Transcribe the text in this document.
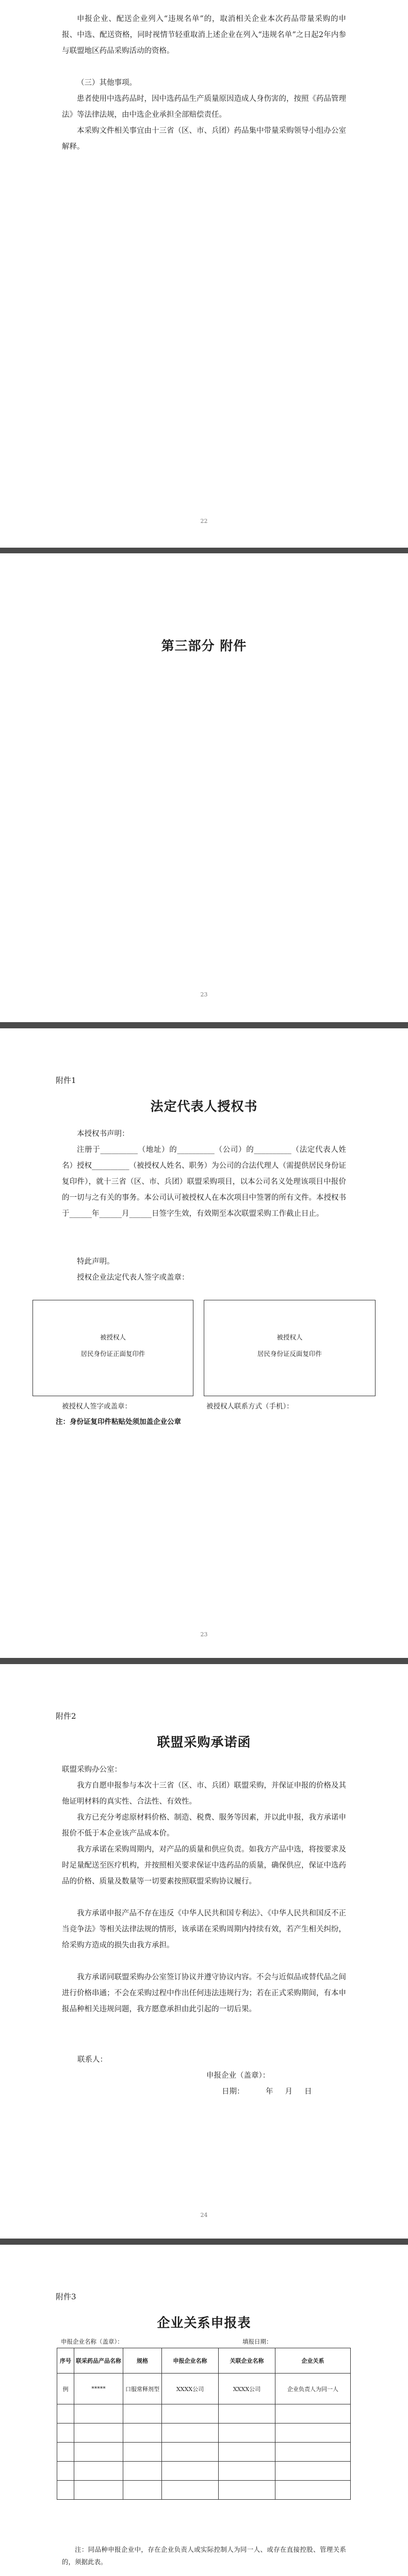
申报企业、配送企业列入“违规名单”的，取消相关企业本次药品带量采购的申报、中选、配送资格，同时视情节轻重取消上述企业在列入“违规名单”之日起2年内参与联盟地区药品采购活动的资格。

（三）其他事项。

患者使用中选药品时，因中选药品生产质量原因造成人身伤害的，按照《药品管理法》等法律法规，由中选企业承担全部赔偿责任。

本采购文件相关事宜由十三省（区、市、兵团）药品集中带量采购领导小组办公室解释。

22
第三部分 附件
23
附件1
法定代表人授权书

本授权书声明：

注册于__________（地址）的__________（公司）的__________（法定代表人姓名）授权__________（被授权人姓名、职务）为公司的合法代理人（需提供居民身份证复印件），就十三省（区、市、兵团）联盟采购项目，以本公司名义处理该项目中报价的一切与之有关的事务。本公司认可被授权人在本次项目中签署的所有文件。本授权书于______年______月______日签字生效，有效期至本次联盟采购工作截止日止。

特此声明。

授权企业法定代表人签字或盖章：

被授权人
居民身份证正面复印件
被授权人
居民身份证反面复印件
被授权人签字或盖章：	被授权人联系方式（手机）：
注：身份证复印件粘贴处须加盖企业公章
23
附件2
联盟采购承诺函

联盟采购办公室：

我方自愿申报参与本次十三省（区、市、兵团）联盟采购，并保证申报的价格及其他证明材料的真实性、合法性、有效性。

我方已充分考虑原材料价格、制造、税费、服务等因素，并以此申报，我方承诺申报价不低于本企业该产品成本价。

我方承诺在采购周期内，对产品的质量和供应负责。如我方产品中选，将按要求及时足量配送至医疗机构，并按照相关要求保证中选药品的质量，确保供应，保证中选药品的价格、质量及数量等一切要素按照联盟采购协议履行。

我方承诺申报产品不存在违反《中华人民共和国专利法》、《中华人民共和国反不正当竞争法》等相关法律法规的情形，该承诺在采购周期内持续有效，若产生相关纠纷，给采购方造成的损失由我方承担。

我方承诺同联盟采购办公室签订协议并遵守协议内容。不会与近似品或替代品之间进行价格串通；不会在采购过程中作出任何违法违规行为；若在正式采购期间，有本申报品种相关违规问题，我方愿意承担由此引起的一切后果。

联系人：
申报企业（盖章）：
日期：         年     月     日
24
附件3
企业关系申报表
申报企业名称（盖章）：	填报日期：
序号	联采药品产品名称	规格	申报企业名称	关联企业名称	企业关系
例	*****	口服常释剂型	XXXX公司	XXXX公司	企业负责人为同一人

注：同品种申报企业中，存在企业负责人或实际控制人为同一人、或存在直接控股、管理关系的，须据此表。
